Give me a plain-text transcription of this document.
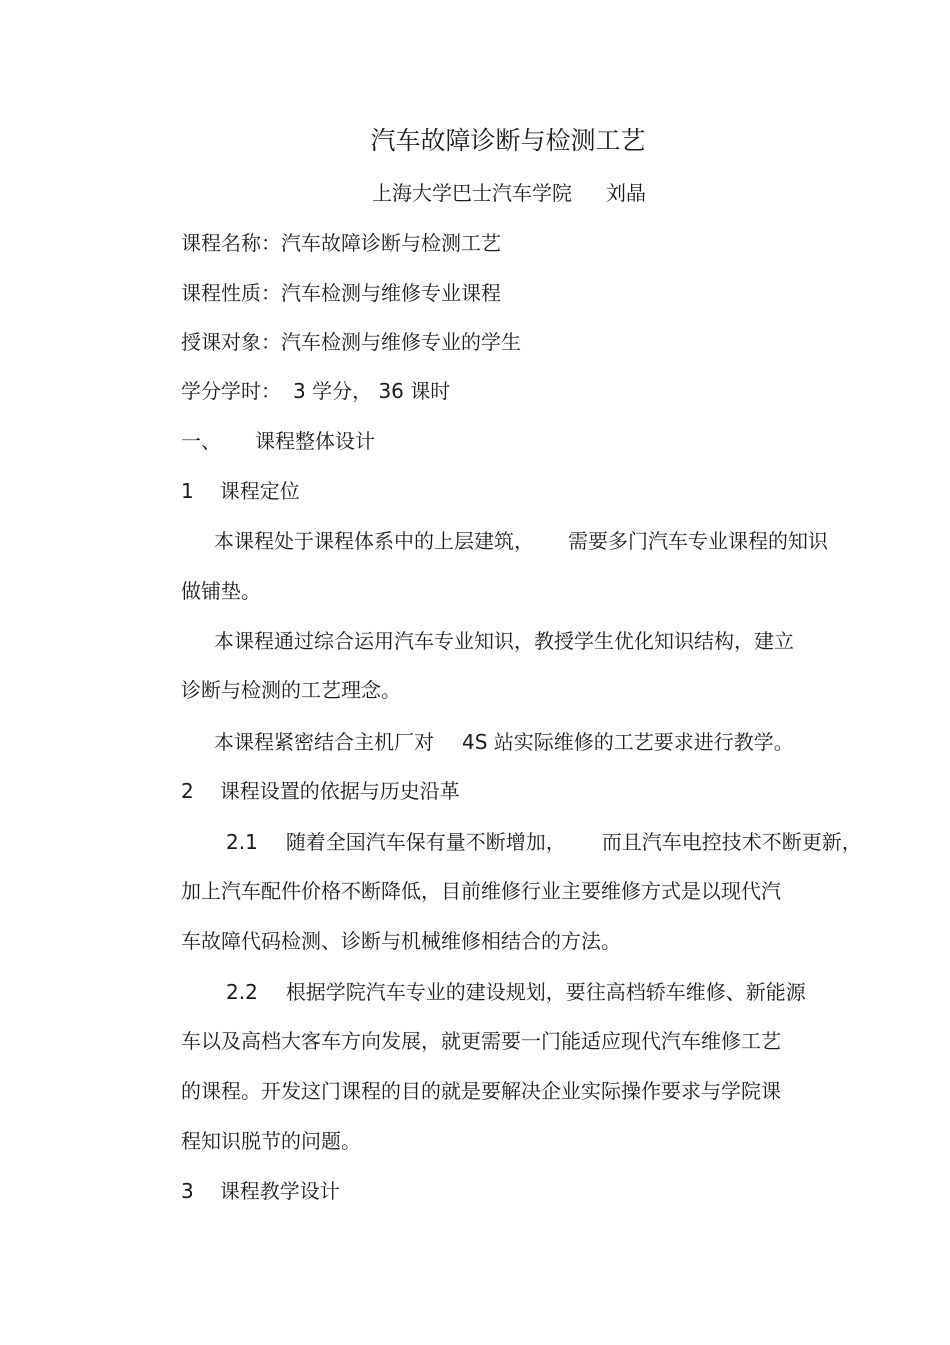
汽车故障诊断与检测工艺
上海大学巴士汽车学院 刘晶
课程名称：汽车故障诊断与检测工艺
课程性质：汽车检测与维修专业课程
授课对象：汽车检测与维修专业的学生
学分学时： 3 学分， 36 课时
一、 课程整体设计
1 课程定位
本课程处于课程体系中的上层建筑， 需要多门汽车专业课程的知识
做铺垫。
本课程通过综合运用汽车专业知识，教授学生优化知识结构，建立
诊断与检测的工艺理念。
本课程紧密结合主机厂对 4S 站实际维修的工艺要求进行教学。
2 课程设置的依据与历史沿革
2.1 随着全国汽车保有量不断增加， 而且汽车电控技术不断更新，
加上汽车配件价格不断降低，目前维修行业主要维修方式是以现代汽
车故障代码检测、诊断与机械维修相结合的方法。
2.2 根据学院汽车专业的建设规划，要往高档轿车维修、新能源
车以及高档大客车方向发展，就更需要一门能适应现代汽车维修工艺
的课程。开发这门课程的目的就是要解决企业实际操作要求与学院课
程知识脱节的问题。
3 课程教学设计
